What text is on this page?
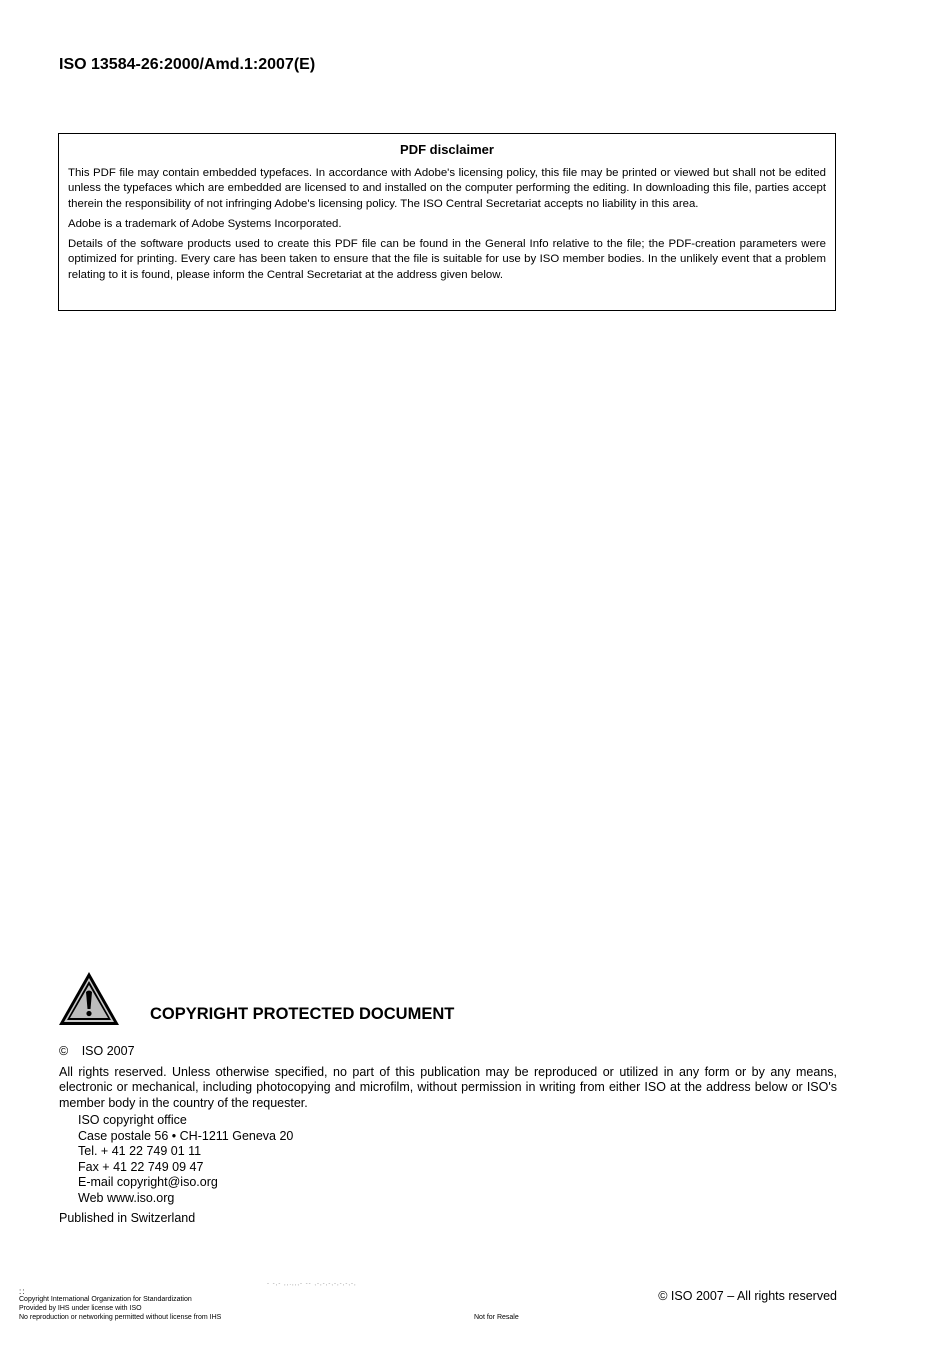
ISO 13584-26:2000/Amd.1:2007(E)
PDF disclaimer

This PDF file may contain embedded typefaces. In accordance with Adobe's licensing policy, this file may be printed or viewed but shall not be edited unless the typefaces which are embedded are licensed to and installed on the computer performing the editing. In downloading this file, parties accept therein the responsibility of not infringing Adobe's licensing policy. The ISO Central Secretariat accepts no liability in this area.

Adobe is a trademark of Adobe Systems Incorporated.

Details of the software products used to create this PDF file can be found in the General Info relative to the file; the PDF-creation parameters were optimized for printing. Every care has been taken to ensure that the file is suitable for use by ISO member bodies. In the unlikely event that a problem relating to it is found, please inform the Central Secretariat at the address given below.

COPYRIGHT PROTECTED DOCUMENT
© ISO 2007
All rights reserved. Unless otherwise specified, no part of this publication may be reproduced or utilized in any form or by any means, electronic or mechanical, including photocopying and microfilm, without permission in writing from either ISO at the address below or ISO's member body in the country of the requester.
ISO copyright office
Case postale 56 • CH-1211 Geneva 20
Tel. + 41 22 749 01 11
Fax + 41 22 749 09 47
E-mail copyright@iso.org
Web www.iso.org
Published in Switzerland
- -,- ,,.,,,- -- ,-,-,-,-,-,-,-,
::
Copyright International Organization for Standardization
Provided by IHS under license with ISO
No reproduction or networking permitted without license from IHS	Not for Resale
© ISO 2007 – All rights reserved
